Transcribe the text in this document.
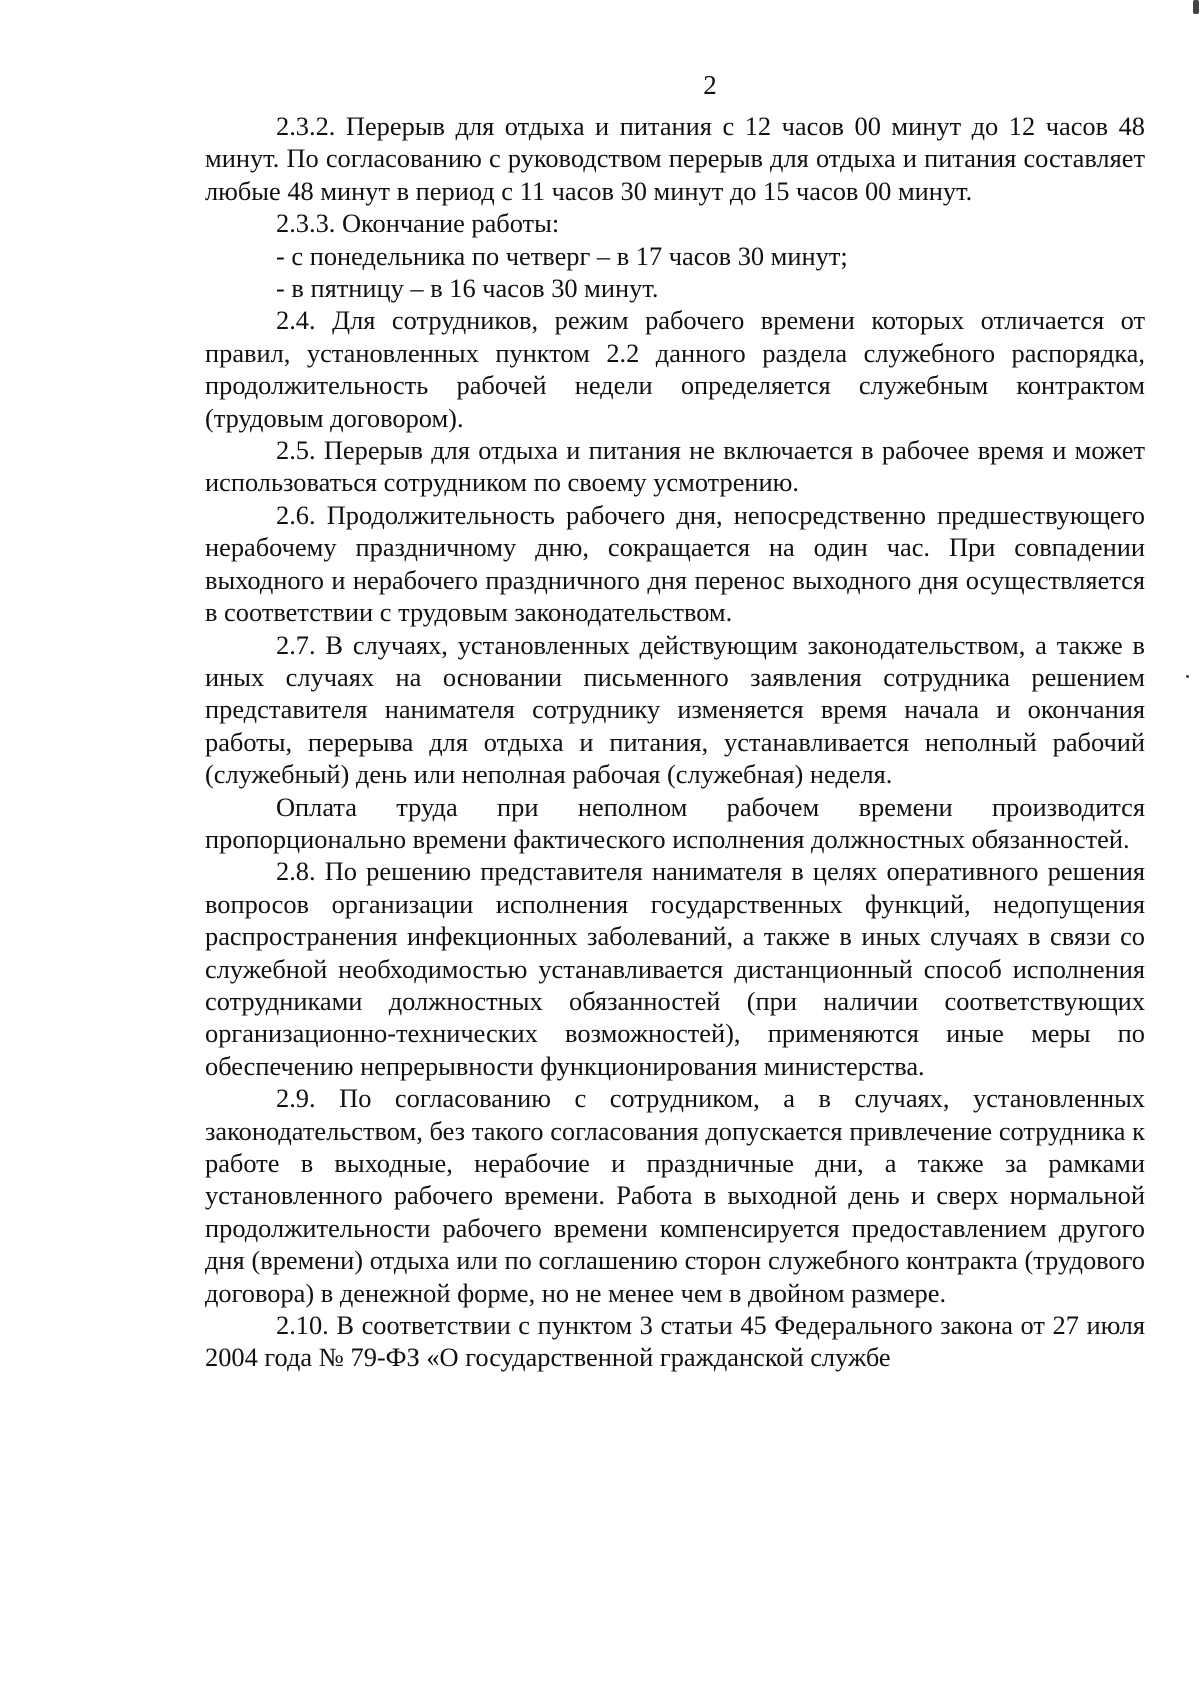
2

2.3.2. Перерыв для отдыха и питания с 12 часов 00 минут до 12 часов 48 минут. По согласованию с руководством перерыв для отдыха и питания составляет любые 48 минут в период с 11 часов 30 минут до 15 часов 00 минут.

2.3.3. Окончание работы:

- с понедельника по четверг – в 17 часов 30 минут;

- в пятницу – в 16 часов 30 минут.

2.4. Для сотрудников, режим рабочего времени которых отличается от правил, установленных пунктом 2.2 данного раздела служебного распорядка, продолжительность рабочей недели определяется служебным контрактом (трудовым договором).

2.5. Перерыв для отдыха и питания не включается в рабочее время и может использоваться сотрудником по своему усмотрению.

2.6. Продолжительность рабочего дня, непосредственно предшествующего нерабочему праздничному дню, сокращается на один час. При совпадении выходного и нерабочего праздничного дня перенос выходного дня осуществляется в соответствии с трудовым законодательством.

2.7. В случаях, установленных действующим законодательством, а также в иных случаях на основании письменного заявления сотрудника решением представителя нанимателя сотруднику изменяется время начала и окончания работы, перерыва для отдыха и питания, устанавливается неполный рабочий (служебный) день или неполная рабочая (служебная) неделя.

Оплата труда при неполном рабочем времени производится пропорционально времени фактического исполнения должностных обязанностей.

2.8. По решению представителя нанимателя в целях оперативного решения вопросов организации исполнения государственных функций, недопущения распространения инфекционных заболеваний, а также в иных случаях в связи со служебной необходимостью устанавливается дистанционный способ исполнения сотрудниками должностных обязанностей (при наличии соответствующих организационно-технических возможностей), применяются иные меры по обеспечению непрерывности функционирования министерства.

2.9. По согласованию с сотрудником, а в случаях, установленных законодательством, без такого согласования допускается привлечение сотрудника к работе в выходные, нерабочие и праздничные дни, а также за рамками установленного рабочего времени. Работа в выходной день и сверх нормальной продолжительности рабочего времени компенсируется предоставлением другого дня (времени) отдыха или по соглашению сторон служебного контракта (трудового договора) в денежной форме, но не менее чем в двойном размере.

2.10. В соответствии с пунктом 3 статьи 45 Федерального закона от 27 июля 2004 года № 79-ФЗ «О государственной гражданской службе
